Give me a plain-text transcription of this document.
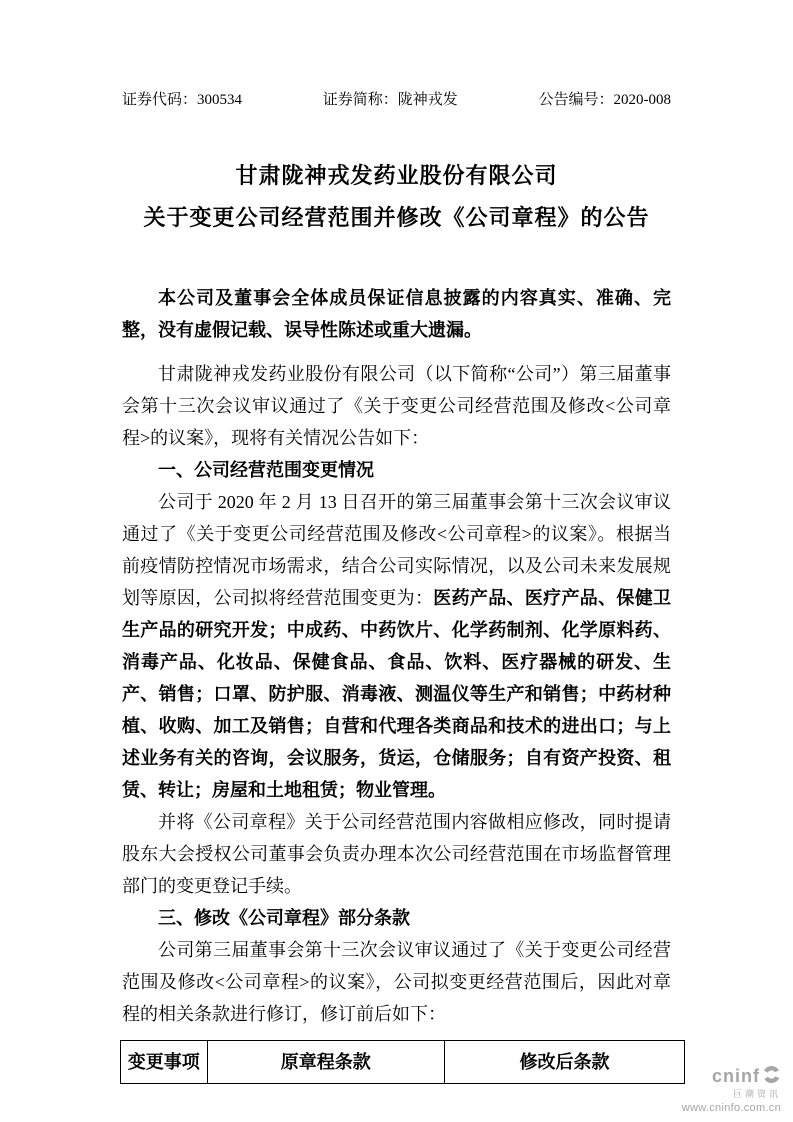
证券代码：300534	证券简称：陇神戎发	公告编号：2020-008
甘肃陇神戎发药业股份有限公司
关于变更公司经营范围并修改《公司章程》的公告

本公司及董事会全体成员保证信息披露的内容真实、准确、完整，没有虚假记载、误导性陈述或重大遗漏。

甘肃陇神戎发药业股份有限公司（以下简称“公司”）第三届董事会第十三次会议审议通过了《关于变更公司经营范围及修改<公司章程>的议案》，现将有关情况公告如下：

一、公司经营范围变更情况

公司于 2020 年 2 月 13 日召开的第三届董事会第十三次会议审议通过了《关于变更公司经营范围及修改<公司章程>的议案》。根据当前疫情防控情况市场需求，结合公司实际情况，以及公司未来发展规划等原因，公司拟将经营范围变更为：医药产品、医疗产品、保健卫生产品的研究开发；中成药、中药饮片、化学药制剂、化学原料药、消毒产品、化妆品、保健食品、食品、饮料、医疗器械的研发、生产、销售；口罩、防护服、消毒液、测温仪等生产和销售；中药材种植、收购、加工及销售；自营和代理各类商品和技术的进出口；与上述业务有关的咨询，会议服务，货运，仓储服务；自有资产投资、租赁、转让；房屋和土地租赁；物业管理。

并将《公司章程》关于公司经营范围内容做相应修改，同时提请股东大会授权公司董事会负责办理本次公司经营范围在市场监督管理部门的变更登记手续。

三、修改《公司章程》部分条款

公司第三届董事会第十三次会议审议通过了《关于变更公司经营范围及修改<公司章程>的议案》，公司拟变更经营范围后，因此对章程的相关条款进行修订，修订前后如下：

变更事项	原章程条款	修改后条款
cninf
巨潮资讯
www.cninfo.com.cn
